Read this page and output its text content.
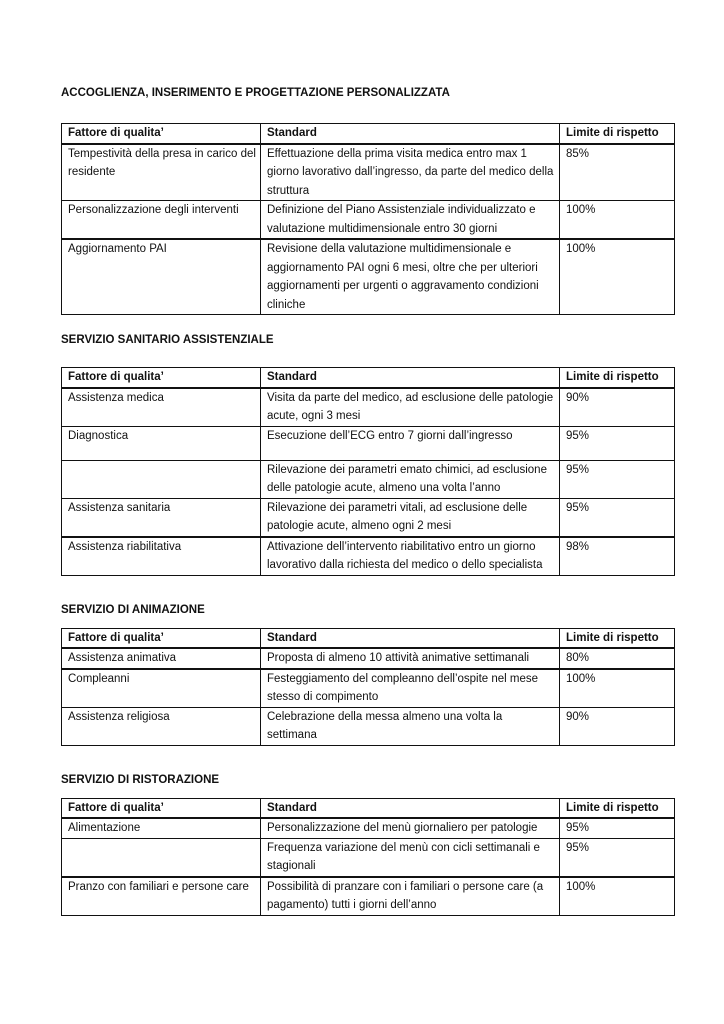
ACCOGLIENZA, INSERIMENTO E PROGETTAZIONE PERSONALIZZATA

Fattore di qualita’	Standard	Limite di rispetto
Tempestività della presa in carico del residente	Effettuazione della prima visita medica entro max 1 giorno lavorativo dall’ingresso, da parte del medico della struttura	85%
Personalizzazione degli interventi	Definizione del Piano Assistenziale individualizzato e valutazione multidimensionale entro 30 giorni	100%
Aggiornamento PAI	Revisione della valutazione multidimensionale e aggiornamento PAI ogni 6 mesi, oltre che per ulteriori aggiornamenti per urgenti o aggravamento condizioni cliniche	100%

SERVIZIO SANITARIO ASSISTENZIALE

Fattore di qualita’	Standard	Limite di rispetto
Assistenza medica	Visita da parte del medico, ad esclusione delle patologie acute, ogni 3 mesi	90%
Diagnostica	Esecuzione dell’ECG entro 7 giorni dall’ingresso	95%
	Rilevazione dei parametri emato chimici, ad esclusione delle patologie acute, almeno una volta l’anno	95%
Assistenza sanitaria	Rilevazione dei parametri vitali, ad esclusione delle patologie acute, almeno ogni 2 mesi	95%
Assistenza riabilitativa	Attivazione dell’intervento riabilitativo entro un giorno lavorativo dalla richiesta del medico o dello specialista	98%

SERVIZIO DI ANIMAZIONE

Fattore di qualita’	Standard	Limite di rispetto
Assistenza animativa	Proposta di almeno 10 attività animative settimanali	80%
Compleanni	Festeggiamento del compleanno dell’ospite nel mese stesso di compimento	100%
Assistenza religiosa	Celebrazione della messa almeno una volta la settimana	90%

SERVIZIO DI RISTORAZIONE

Fattore di qualita’	Standard	Limite di rispetto
Alimentazione	Personalizzazione del menù giornaliero per patologie	95%
	Frequenza variazione del menù con cicli settimanali e stagionali	95%
Pranzo con familiari e persone care	Possibilità di pranzare con i familiari o persone care (a pagamento) tutti i giorni dell’anno	100%
